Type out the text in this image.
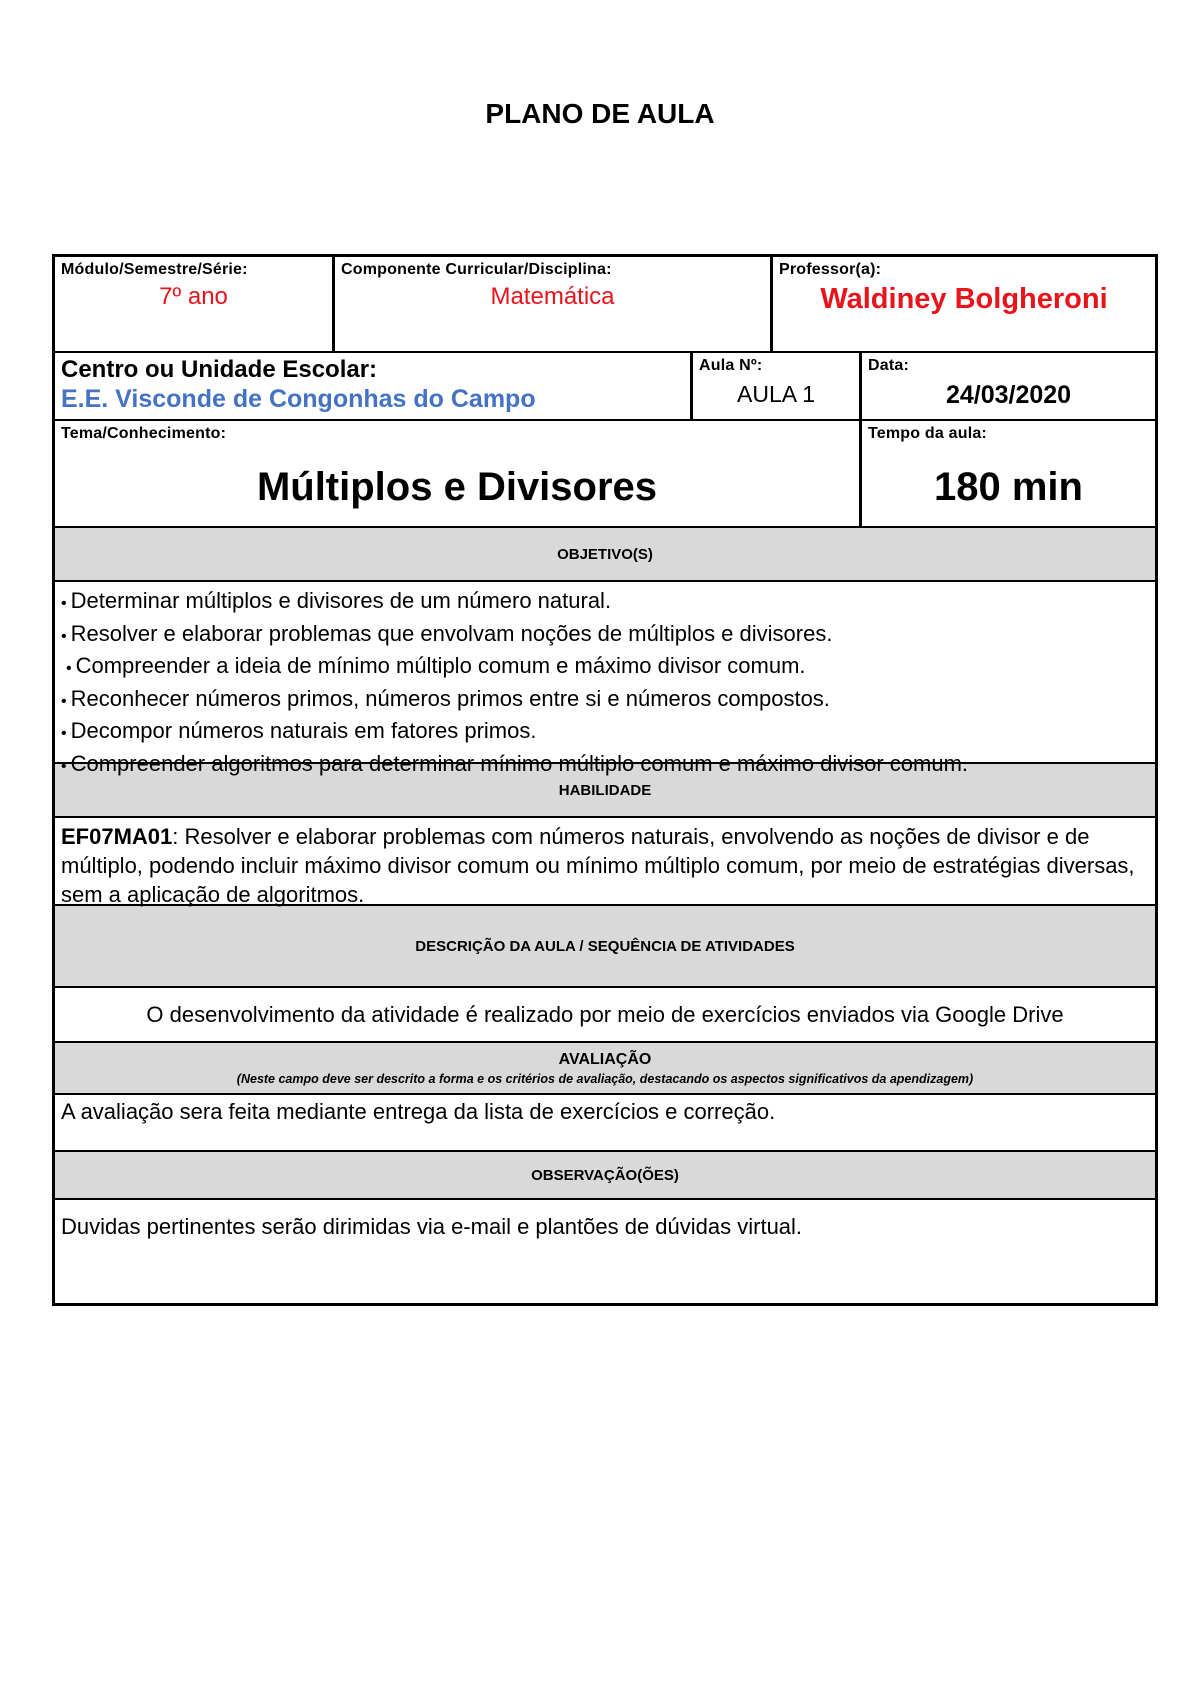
PLANO DE AULA
Módulo/Semestre/Série:
7º ano
Componente Curricular/Disciplina:
Matemática
Professor(a):
Waldiney Bolgheroni
Centro ou Unidade Escolar:
E.E. Visconde de Congonhas do Campo
Aula Nº:
AULA 1
Data:
24/03/2020
Tema/Conhecimento:
Múltiplos e Divisores
Tempo da aula:
180 min
OBJETIVO(S)
• Determinar múltiplos e divisores de um número natural.
• Resolver e elaborar problemas que envolvam noções de múltiplos e divisores.
• Compreender a ideia de mínimo múltiplo comum e máximo divisor comum.
• Reconhecer números primos, números primos entre si e números compostos.
• Decompor números naturais em fatores primos.
• Compreender algoritmos para determinar mínimo múltiplo comum e máximo divisor comum.
HABILIDADE
EF07MA01: Resolver e elaborar problemas com números naturais, envolvendo as noções de divisor e de múltiplo, podendo incluir máximo divisor comum ou mínimo múltiplo comum, por meio de estratégias diversas, sem a aplicação de algoritmos.
DESCRIÇÃO DA AULA / SEQUÊNCIA DE ATIVIDADES
O desenvolvimento da atividade é realizado por meio de exercícios enviados via Google Drive
AVALIAÇÃO
(Neste campo deve ser descrito a forma e os critérios de avaliação, destacando os aspectos significativos da apendizagem)
A avaliação sera feita mediante entrega da lista de exercícios e correção.
OBSERVAÇÃO(ÕES)
Duvidas pertinentes serão dirimidas via e-mail e plantões de dúvidas virtual.
